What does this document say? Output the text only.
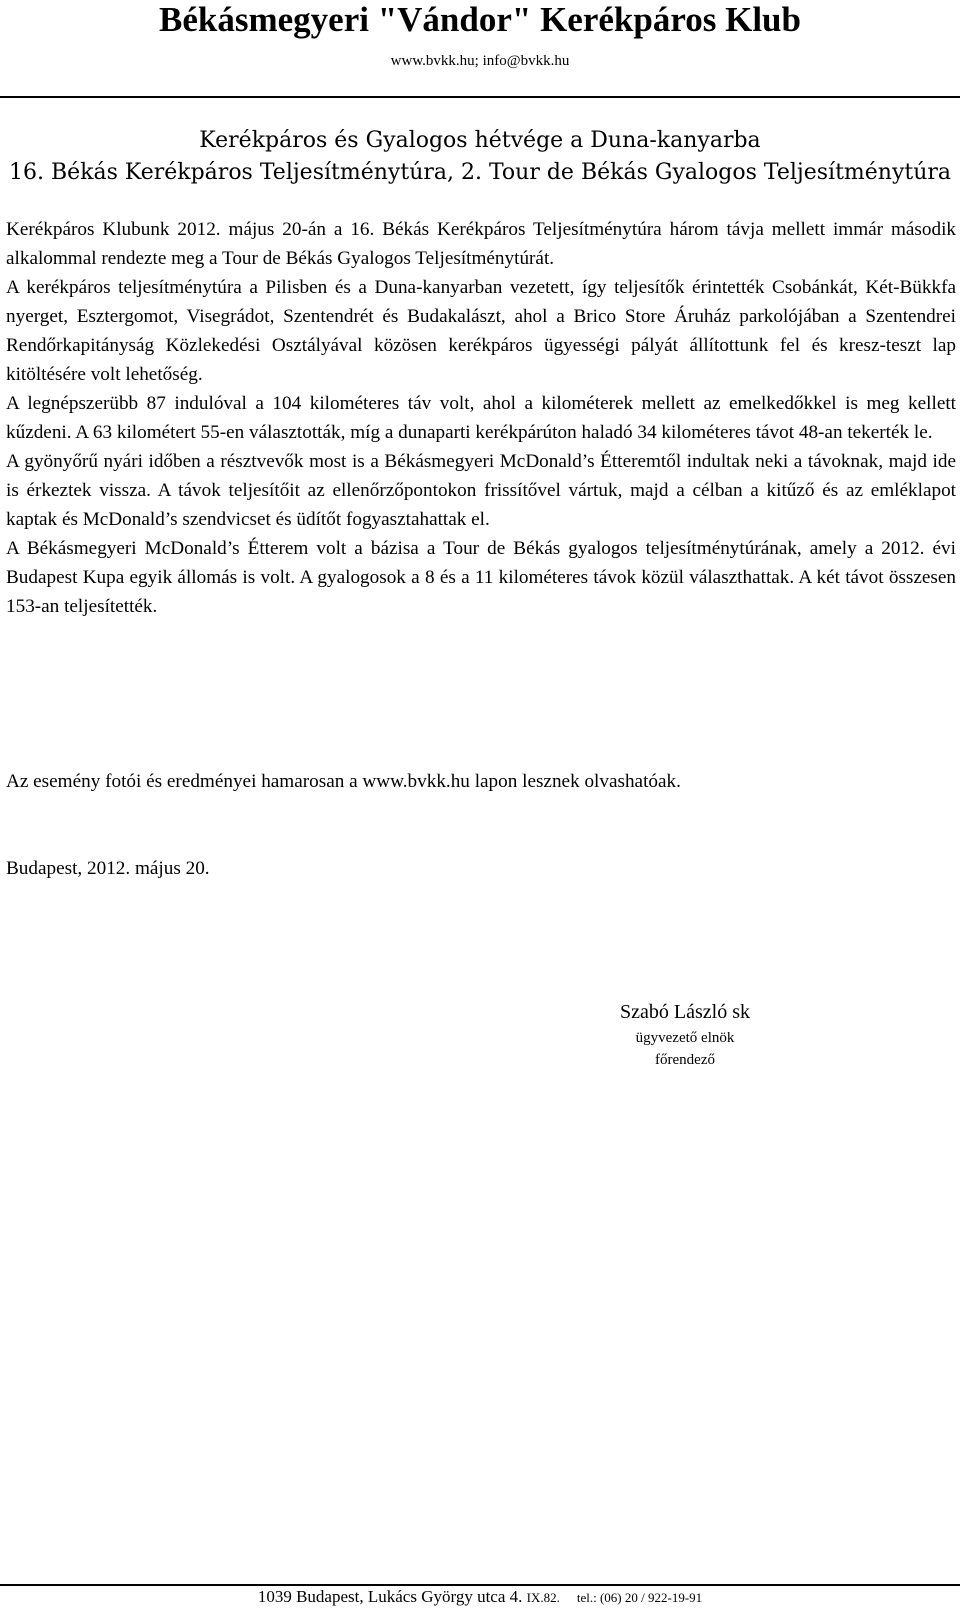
Békásmegyeri "Vándor" Kerékpáros Klub
www.bvkk.hu; info@bvkk.hu
Kerékpáros és Gyalogos hétvége a Duna-kanyarba
16. Békás Kerékpáros Teljesítménytúra, 2. Tour de Békás Gyalogos Teljesítménytúra

Kerékpáros Klubunk 2012. május 20-án a 16. Békás Kerékpáros Teljesítménytúra három távja mellett immár második alkalommal rendezte meg a Tour de Békás Gyalogos Teljesítménytúrát.

A kerékpáros teljesítménytúra a Pilisben és a Duna-kanyarban vezetett, így teljesítők érintették Csobánkát, Két-Bükkfa nyerget, Esztergomot, Visegrádot, Szentendrét és Budakalászt, ahol a Brico Store Áruház parkolójában a Szentendrei Rendőrkapitányság Közlekedési Osztályával közösen kerékpáros ügyességi pályát állítottunk fel és kresz-teszt lap kitöltésére volt lehetőség.

A legnépszerübb 87 indulóval a 104 kilométeres táv volt, ahol a kilométerek mellett az emelkedőkkel is meg kellett kűzdeni. A 63 kilométert 55-en választották, míg a dunaparti kerékpárúton haladó 34 kilométeres távot 48-an tekerték le.

A gyönyőrű nyári időben a résztvevők most is a Békásmegyeri McDonald’s Étteremtől indultak neki a távoknak, majd ide is érkeztek vissza. A távok teljesítőit az ellenőrzőpontokon frissítővel vártuk, majd a célban a kitűző és az emléklapot kaptak és McDonald’s szendvicset és üdítőt fogyasztahattak el.

A Békásmegyeri McDonald’s Étterem volt a bázisa a Tour de Békás gyalogos teljesítménytúrának, amely a 2012. évi Budapest Kupa egyik állomás is volt. A gyalogosok a 8 és a 11 kilométeres távok közül választhattak. A két távot összesen 153-an teljesítették.

Az esemény fotói és eredményei hamarosan a www.bvkk.hu lapon lesznek olvashatóak.
Budapest, 2012. május 20.
Szabó László sk
ügyvezető elnök
főrendező
1039 Budapest, Lukács György utca 4. IX.82. tel.: (06) 20 / 922-19-91
